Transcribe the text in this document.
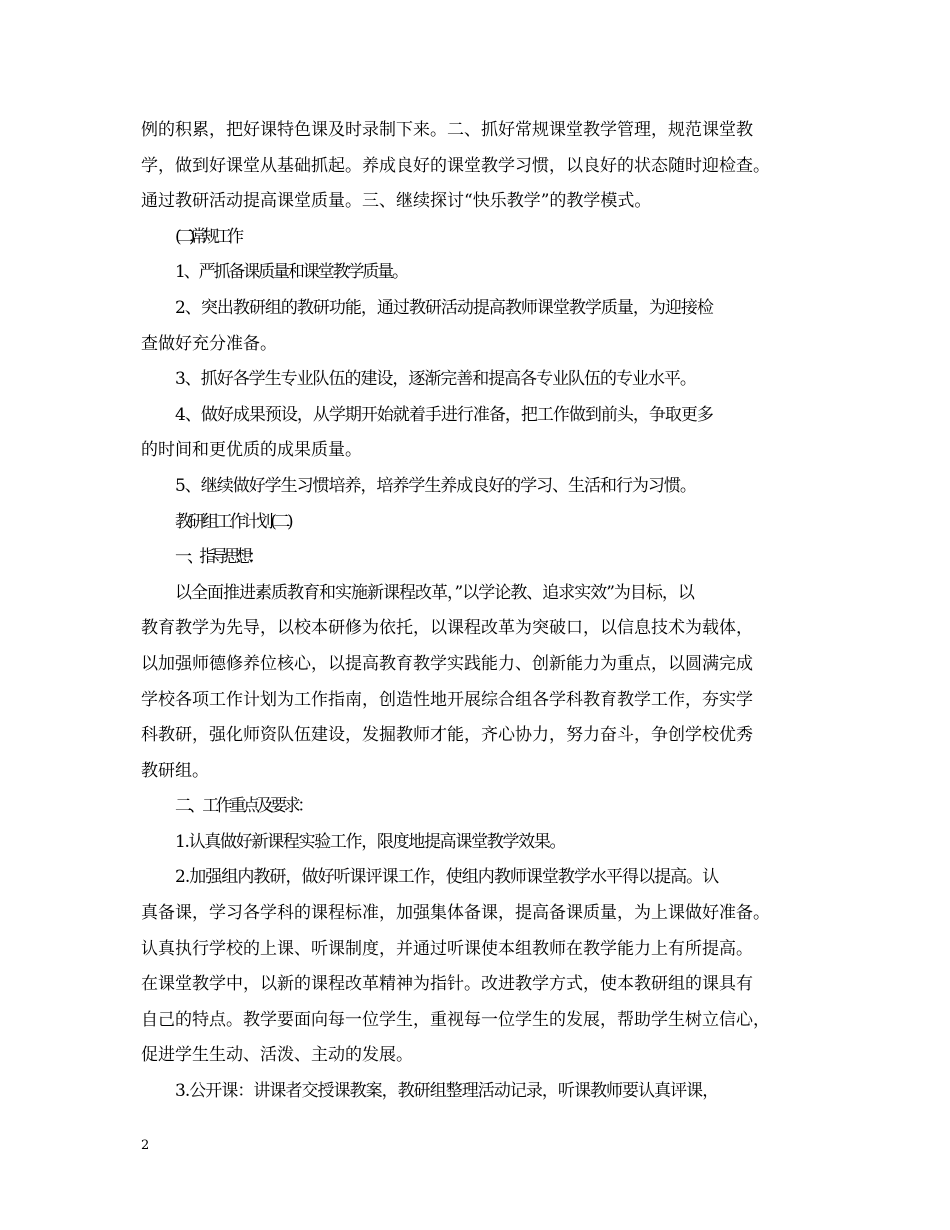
例的积累，把好课特色课及时录制下来。二、抓好常规课堂教学管理，规范课堂教
学，做到好课堂从基础抓起。养成良好的课堂教学习惯，以良好的状态随时迎检查。
通过教研活动提高课堂质量。三、继续探讨“快乐教学”的教学模式。
(二)常规工作
1、严抓备课质量和课堂教学质量。
2、突出教研组的教研功能，通过教研活动提高教师课堂教学质量，为迎接检
查做好充分准备。
3、抓好各学生专业队伍的建设，逐渐完善和提高各专业队伍的专业水平。
4、做好成果预设，从学期开始就着手进行准备，把工作做到前头，争取更多
的时间和更优质的成果质量。
5、继续做好学生习惯培养，培养学生养成良好的学习、生活和行为习惯。
教研组工作计划(二)
一、指导思想：
以全面推进素质教育和实施新课程改革，”以学论教、追求实效”为目标，以
教育教学为先导，以校本研修为依托，以课程改革为突破口，以信息技术为载体，
以加强师德修养位核心，以提高教育教学实践能力、创新能力为重点，以圆满完成
学校各项工作计划为工作指南，创造性地开展综合组各学科教育教学工作，夯实学
科教研，强化师资队伍建设，发掘教师才能，齐心协力，努力奋斗，争创学校优秀
教研组。
二、工作重点及要求：
1.认真做好新课程实验工作，限度地提高课堂教学效果。
2.加强组内教研，做好听课评课工作，使组内教师课堂教学水平得以提高。认
真备课，学习各学科的课程标准，加强集体备课，提高备课质量，为上课做好准备。
认真执行学校的上课、听课制度，并通过听课使本组教师在教学能力上有所提高。
在课堂教学中，以新的课程改革精神为指针。改进教学方式，使本教研组的课具有
自己的特点。教学要面向每一位学生，重视每一位学生的发展，帮助学生树立信心，
促进学生生动、活泼、主动的发展。
3.公开课：讲课者交授课教案，教研组整理活动记录，听课教师要认真评课，
2
